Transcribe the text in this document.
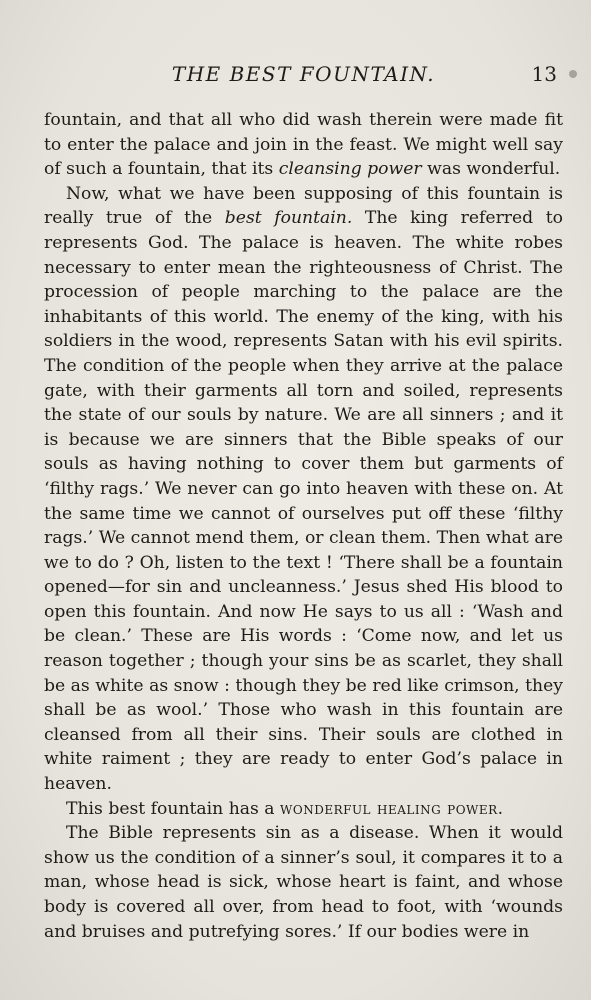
THE BEST FOUNTAIN.	13

fountain, and that all who did wash therein were made fit to enter the palace and join in the feast. We might well say of such a fountain, that its cleansing power was wonderful.

Now, what we have been supposing of this fountain is really true of the best fountain. The king referred to represents God. The palace is heaven. The white robes necessary to enter mean the righteousness of Christ. The procession of people marching to the palace are the inhabitants of this world. The enemy of the king, with his soldiers in the wood, represents Satan with his evil spirits. The condition of the people when they arrive at the palace gate, with their garments all torn and soiled, represents the state of our souls by nature. We are all sinners ; and it is because we are sinners that the Bible speaks of our souls as having nothing to cover them but garments of ‘filthy rags.’ We never can go into heaven with these on. At the same time we cannot of ourselves put off these ‘filthy rags.’ We cannot mend them, or clean them. Then what are we to do ? Oh, listen to the text ! ‘There shall be a fountain opened—for sin and uncleanness.’ Jesus shed His blood to open this fountain. And now He says to us all : ‘Wash and be clean.’ These are His words : ‘Come now, and let us reason together ; though your sins be as scarlet, they shall be as white as snow : though they be red like crimson, they shall be as wool.’ Those who wash in this fountain are cleansed from all their sins. Their souls are clothed in white raiment ; they are ready to enter God’s palace in heaven.

This best fountain has a wonderful healing power.

The Bible represents sin as a disease. When it would show us the condition of a sinner’s soul, it compares it to a man, whose head is sick, whose heart is faint, and whose body is covered all over, from head to foot, with ‘wounds and bruises and putrefying sores.’ If our bodies were in
